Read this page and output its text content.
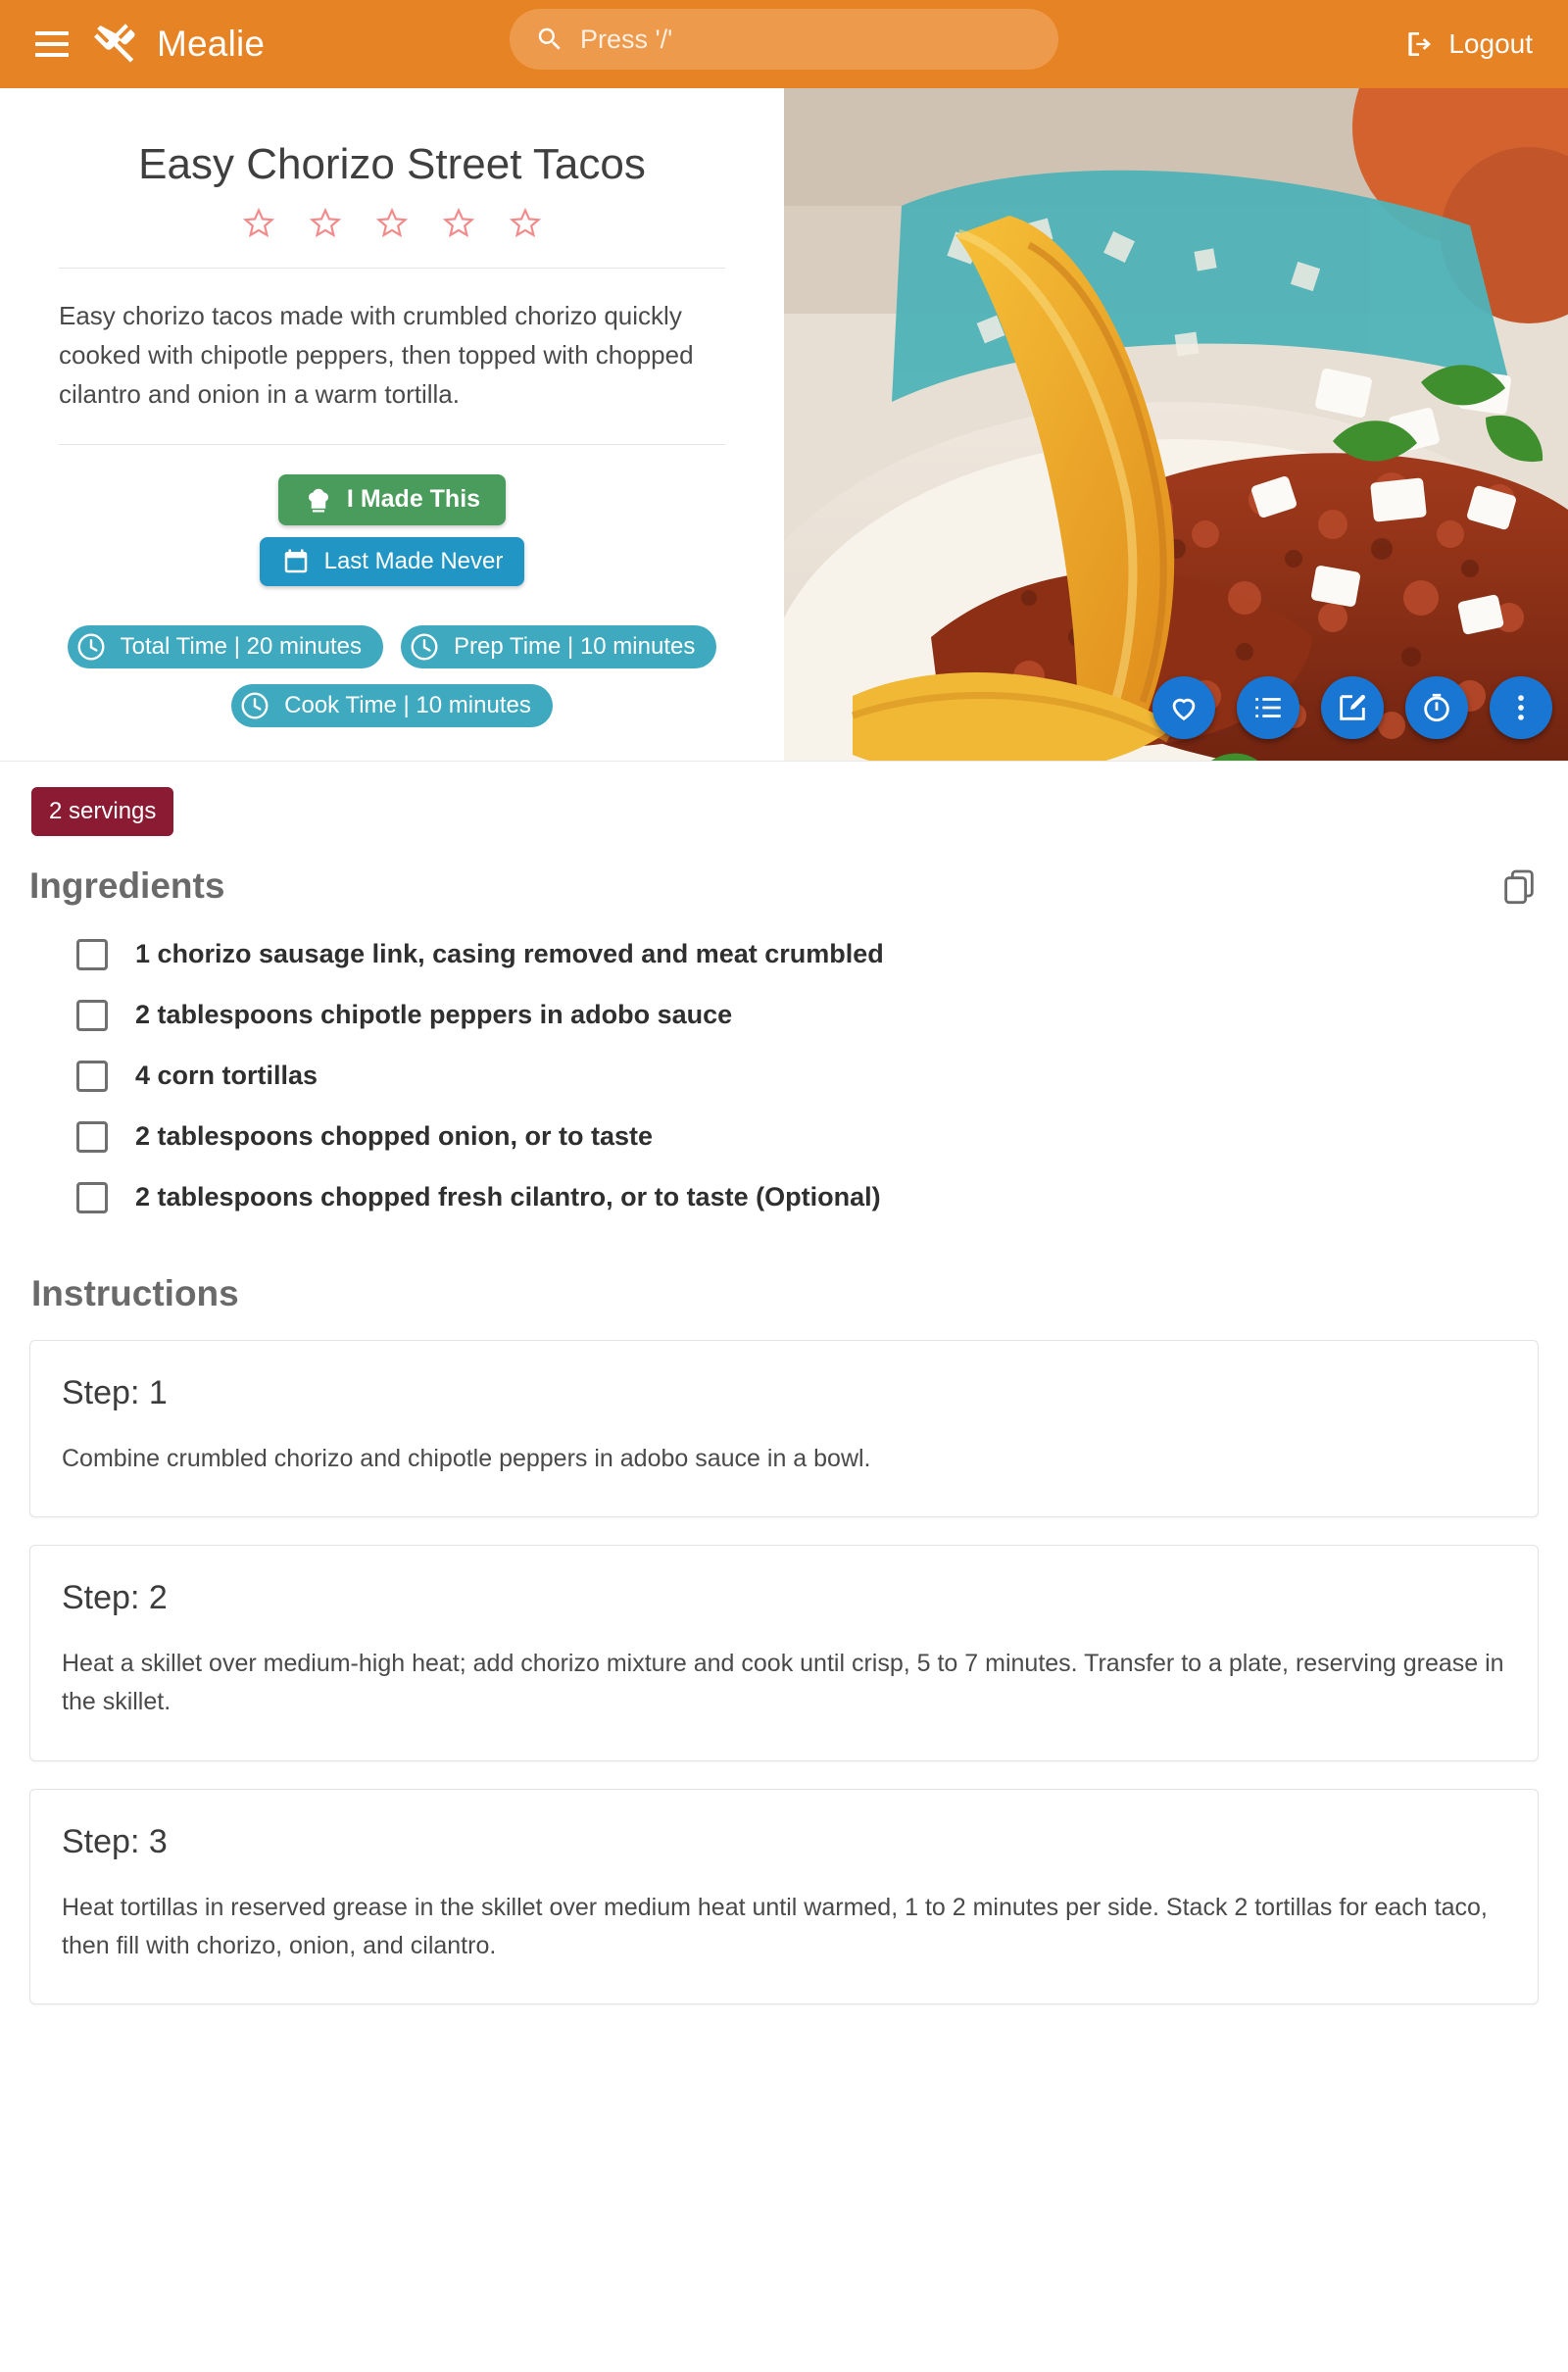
Mealie	Press '/'	Logout
Easy Chorizo Street Tacos

Easy chorizo tacos made with crumbled chorizo quickly cooked with chipotle peppers, then topped with chopped cilantro and onion in a warm tortilla.

I Made This
Last Made Never
Total Time | 20 minutes	Prep Time | 10 minutes
Cook Time | 10 minutes
2 servings
Ingredients
1 chorizo sausage link, casing removed and meat crumbled
2 tablespoons chipotle peppers in adobo sauce
4 corn tortillas
2 tablespoons chopped onion, or to taste
2 tablespoons chopped fresh cilantro, or to taste (Optional)
Instructions
Step: 1
Combine crumbled chorizo and chipotle peppers in adobo sauce in a bowl.
Step: 2
Heat a skillet over medium-high heat; add chorizo mixture and cook until crisp, 5 to 7 minutes. Transfer to a plate, reserving grease in the skillet.
Step: 3
Heat tortillas in reserved grease in the skillet over medium heat until warmed, 1 to 2 minutes per side. Stack 2 tortillas for each taco, then fill with chorizo, onion, and cilantro.
